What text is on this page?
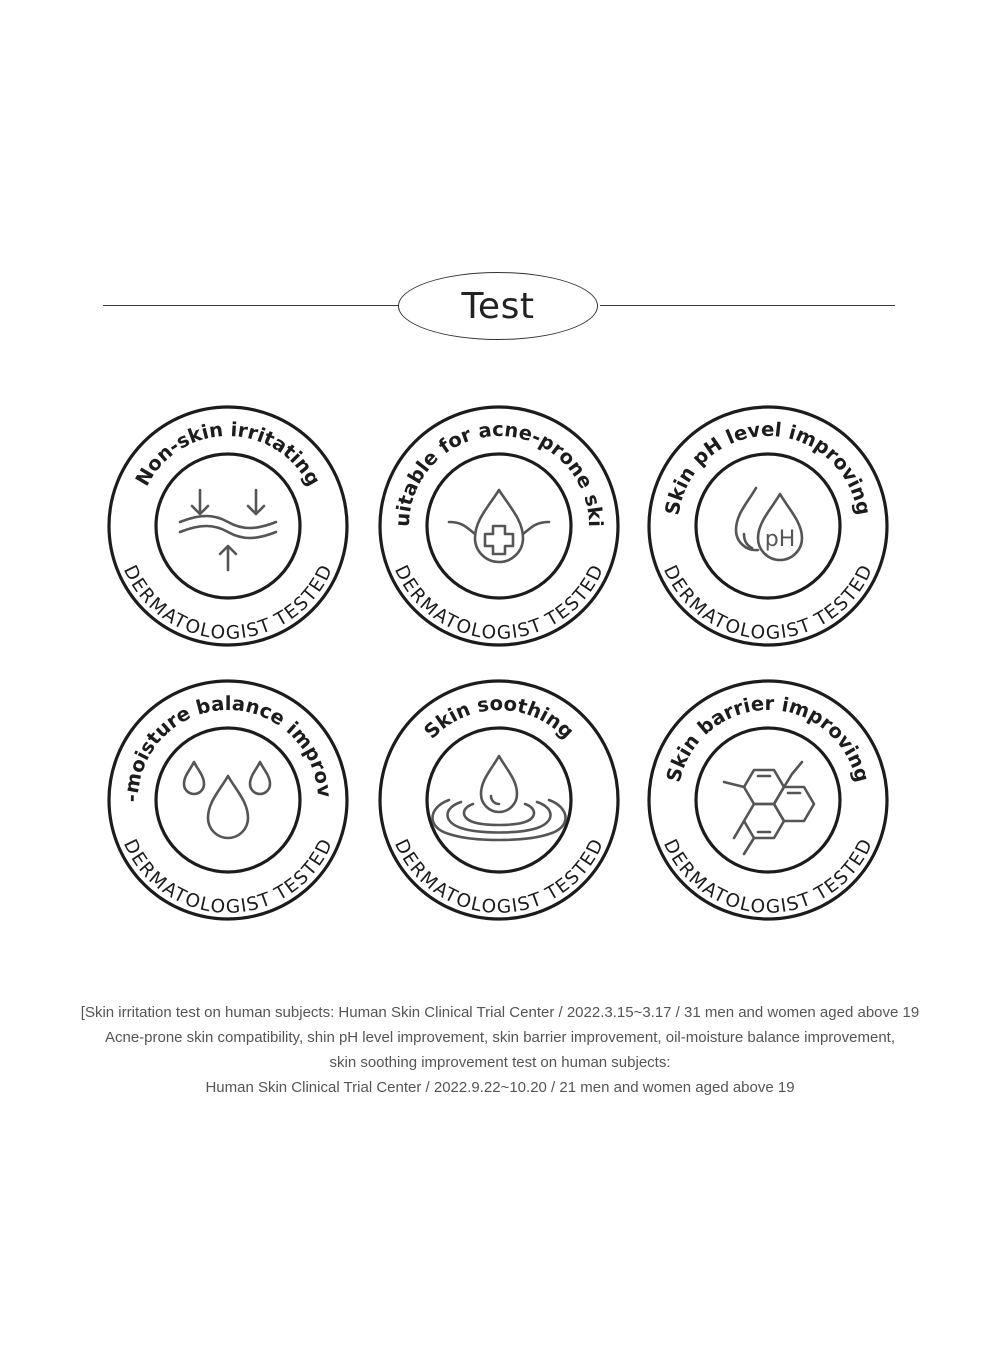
Test
Non-skin irritating
DERMATOLOGIST TESTED
Suitable for acne-prone skin
DERMATOLOGIST TESTED
Skin pH level improving
DERMATOLOGIST TESTED
pH
Oil-moisture balance improving
DERMATOLOGIST TESTED
Skin soothing
DERMATOLOGIST TESTED
Skin barrier improving
DERMATOLOGIST TESTED
[Skin irritation test on human subjects: Human Skin Clinical Trial Center / 2022.3.15~3.17 / 31 men and women aged above 19
Acne-prone skin compatibility, shin pH level improvement, skin barrier improvement, oil-moisture balance improvement,
skin soothing improvement test on human subjects:
Human Skin Clinical Trial Center / 2022.9.22~10.20 / 21 men and women aged above 19
